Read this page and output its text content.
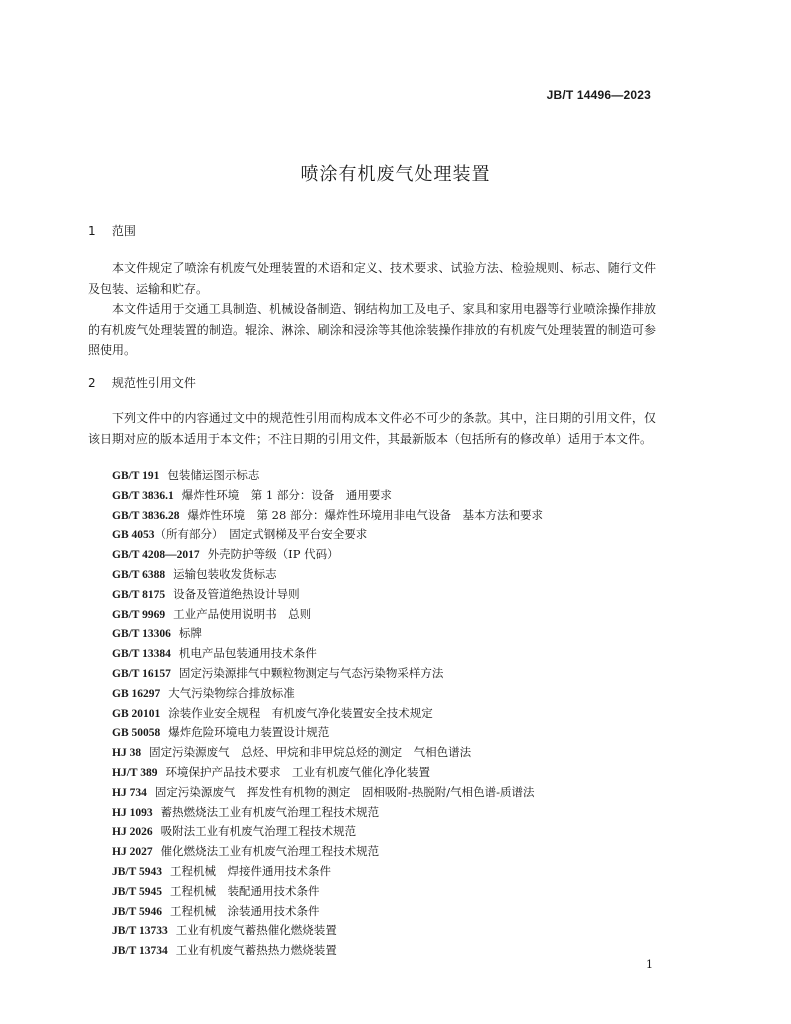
JB/T 14496—2023
喷涂有机废气处理装置
1 范围

本文件规定了喷涂有机废气处理装置的术语和定义、技术要求、试验方法、检验规则、标志、随行文件及包装、运输和贮存。

本文件适用于交通工具制造、机械设备制造、钢结构加工及电子、家具和家用电器等行业喷涂操作排放的有机废气处理装置的制造。辊涂、淋涂、刷涂和浸涂等其他涂装操作排放的有机废气处理装置的制造可参照使用。

2 规范性引用文件

下列文件中的内容通过文中的规范性引用而构成本文件必不可少的条款。其中，注日期的引用文件，仅该日期对应的版本适用于本文件；不注日期的引用文件，其最新版本（包括所有的修改单）适用于本文件。

GB/T 191 包装储运图示标志
GB/T 3836.1 爆炸性环境　第 1 部分：设备　通用要求
GB/T 3836.28 爆炸性环境　第 28 部分：爆炸性环境用非电气设备　基本方法和要求
GB 4053（所有部分）　固定式钢梯及平台安全要求
GB/T 4208—2017 外壳防护等级（IP 代码）
GB/T 6388 运输包装收发货标志
GB/T 8175 设备及管道绝热设计导则
GB/T 9969 工业产品使用说明书　总则
GB/T 13306 标牌
GB/T 13384 机电产品包装通用技术条件
GB/T 16157 固定污染源排气中颗粒物测定与气态污染物采样方法
GB 16297 大气污染物综合排放标准
GB 20101 涂装作业安全规程　有机废气净化装置安全技术规定
GB 50058 爆炸危险环境电力装置设计规范
HJ 38 固定污染源废气　总烃、甲烷和非甲烷总烃的测定　气相色谱法
HJ/T 389 环境保护产品技术要求　工业有机废气催化净化装置
HJ 734 固定污染源废气　挥发性有机物的测定　固相吸附-热脱附/气相色谱-质谱法
HJ 1093 蓄热燃烧法工业有机废气治理工程技术规范
HJ 2026 吸附法工业有机废气治理工程技术规范
HJ 2027 催化燃烧法工业有机废气治理工程技术规范
JB/T 5943 工程机械　焊接件通用技术条件
JB/T 5945 工程机械　装配通用技术条件
JB/T 5946 工程机械　涂装通用技术条件
JB/T 13733 工业有机废气蓄热催化燃烧装置
JB/T 13734 工业有机废气蓄热热力燃烧装置
1
